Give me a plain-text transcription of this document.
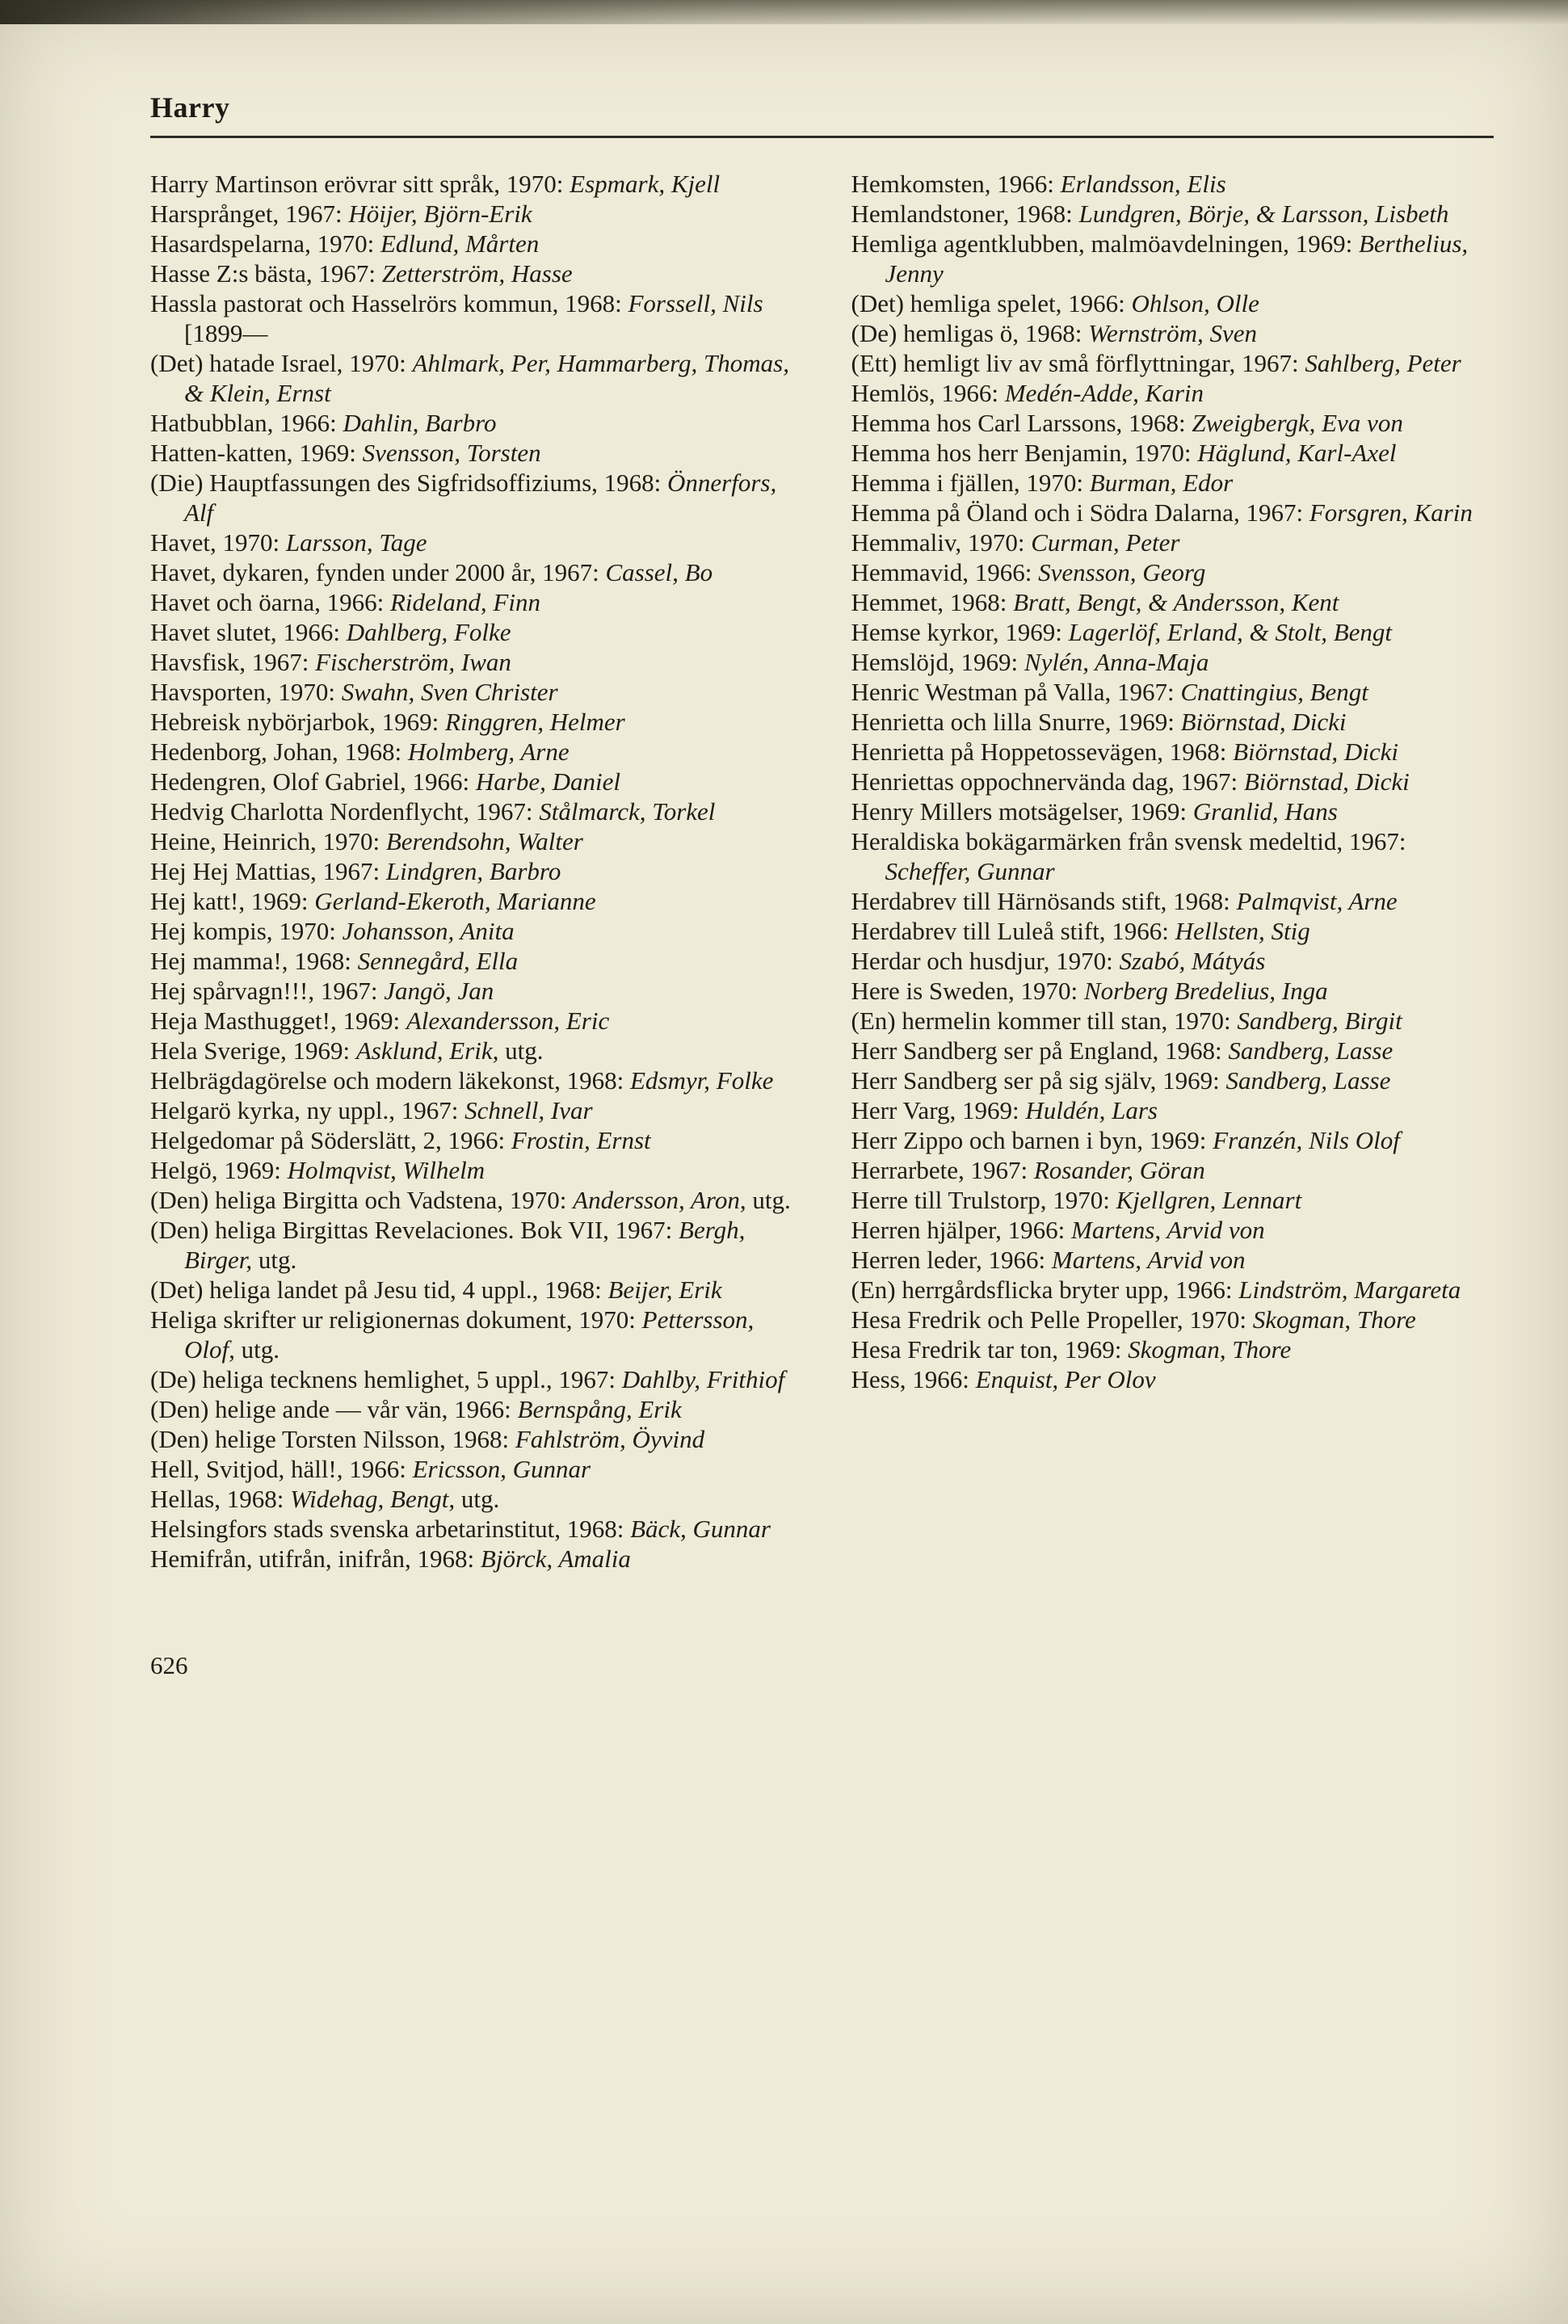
Harry

Harry Martinson erövrar sitt språk, 1970: Espmark, Kjell

Harsprånget, 1967: Höijer, Björn-Erik

Hasardspelarna, 1970: Edlund, Mårten

Hasse Z:s bästa, 1967: Zetterström, Hasse

Hassla pastorat och Hasselrörs kommun, 1968: Forssell, Nils [1899—

(Det) hatade Israel, 1970: Ahlmark, Per, Hammarberg, Thomas, & Klein, Ernst

Hatbubblan, 1966: Dahlin, Barbro

Hatten-katten, 1969: Svensson, Torsten

(Die) Hauptfassungen des Sigfridsoffiziums, 1968: Önnerfors, Alf

Havet, 1970: Larsson, Tage

Havet, dykaren, fynden under 2000 år, 1967: Cassel, Bo

Havet och öarna, 1966: Rideland, Finn

Havet slutet, 1966: Dahlberg, Folke

Havsfisk, 1967: Fischerström, Iwan

Havsporten, 1970: Swahn, Sven Christer

Hebreisk nybörjarbok, 1969: Ringgren, Helmer

Hedenborg, Johan, 1968: Holmberg, Arne

Hedengren, Olof Gabriel, 1966: Harbe, Daniel

Hedvig Charlotta Nordenflycht, 1967: Stålmarck, Torkel

Heine, Heinrich, 1970: Berendsohn, Walter

Hej Hej Mattias, 1967: Lindgren, Barbro

Hej katt!, 1969: Gerland-Ekeroth, Marianne

Hej kompis, 1970: Johansson, Anita

Hej mamma!, 1968: Sennegård, Ella

Hej spårvagn!!!, 1967: Jangö, Jan

Heja Masthugget!, 1969: Alexandersson, Eric

Hela Sverige, 1969: Asklund, Erik, utg.

Helbrägdagörelse och modern läkekonst, 1968: Edsmyr, Folke

Helgarö kyrka, ny uppl., 1967: Schnell, Ivar

Helgedomar på Söderslätt, 2, 1966: Frostin, Ernst

Helgö, 1969: Holmqvist, Wilhelm

(Den) heliga Birgitta och Vadstena, 1970: Andersson, Aron, utg.

(Den) heliga Birgittas Revelaciones. Bok VII, 1967: Bergh, Birger, utg.

(Det) heliga landet på Jesu tid, 4 uppl., 1968: Beijer, Erik

Heliga skrifter ur religionernas dokument, 1970: Pettersson, Olof, utg.

(De) heliga tecknens hemlighet, 5 uppl., 1967: Dahlby, Frithiof

(Den) helige ande — vår vän, 1966: Bernspång, Erik

(Den) helige Torsten Nilsson, 1968: Fahlström, Öyvind

Hell, Svitjod, häll!, 1966: Ericsson, Gunnar

Hellas, 1968: Widehag, Bengt, utg.

Helsingfors stads svenska arbetarinstitut, 1968: Bäck, Gunnar

Hemifrån, utifrån, inifrån, 1968: Björck, Amalia

Hemkomsten, 1966: Erlandsson, Elis

Hemlandstoner, 1968: Lundgren, Börje, & Larsson, Lisbeth

Hemliga agentklubben, malmöavdelningen, 1969: Berthelius, Jenny

(Det) hemliga spelet, 1966: Ohlson, Olle

(De) hemligas ö, 1968: Wernström, Sven

(Ett) hemligt liv av små förflyttningar, 1967: Sahlberg, Peter

Hemlös, 1966: Medén-Adde, Karin

Hemma hos Carl Larssons, 1968: Zweigbergk, Eva von

Hemma hos herr Benjamin, 1970: Häglund, Karl-Axel

Hemma i fjällen, 1970: Burman, Edor

Hemma på Öland och i Södra Dalarna, 1967: Forsgren, Karin

Hemmaliv, 1970: Curman, Peter

Hemmavid, 1966: Svensson, Georg

Hemmet, 1968: Bratt, Bengt, & Andersson, Kent

Hemse kyrkor, 1969: Lagerlöf, Erland, & Stolt, Bengt

Hemslöjd, 1969: Nylén, Anna-Maja

Henric Westman på Valla, 1967: Cnattingius, Bengt

Henrietta och lilla Snurre, 1969: Biörnstad, Dicki

Henrietta på Hoppetossevägen, 1968: Biörnstad, Dicki

Henriettas oppochnervända dag, 1967: Biörnstad, Dicki

Henry Millers motsägelser, 1969: Granlid, Hans

Heraldiska bokägarmärken från svensk medeltid, 1967: Scheffer, Gunnar

Herdabrev till Härnösands stift, 1968: Palmqvist, Arne

Herdabrev till Luleå stift, 1966: Hellsten, Stig

Herdar och husdjur, 1970: Szabó, Mátyás

Here is Sweden, 1970: Norberg Bredelius, Inga

(En) hermelin kommer till stan, 1970: Sandberg, Birgit

Herr Sandberg ser på England, 1968: Sandberg, Lasse

Herr Sandberg ser på sig själv, 1969: Sandberg, Lasse

Herr Varg, 1969: Huldén, Lars

Herr Zippo och barnen i byn, 1969: Franzén, Nils Olof

Herrarbete, 1967: Rosander, Göran

Herre till Trulstorp, 1970: Kjellgren, Lennart

Herren hjälper, 1966: Martens, Arvid von

Herren leder, 1966: Martens, Arvid von

(En) herrgårdsflicka bryter upp, 1966: Lindström, Margareta

Hesa Fredrik och Pelle Propeller, 1970: Skogman, Thore

Hesa Fredrik tar ton, 1969: Skogman, Thore

Hess, 1966: Enquist, Per Olov

626
